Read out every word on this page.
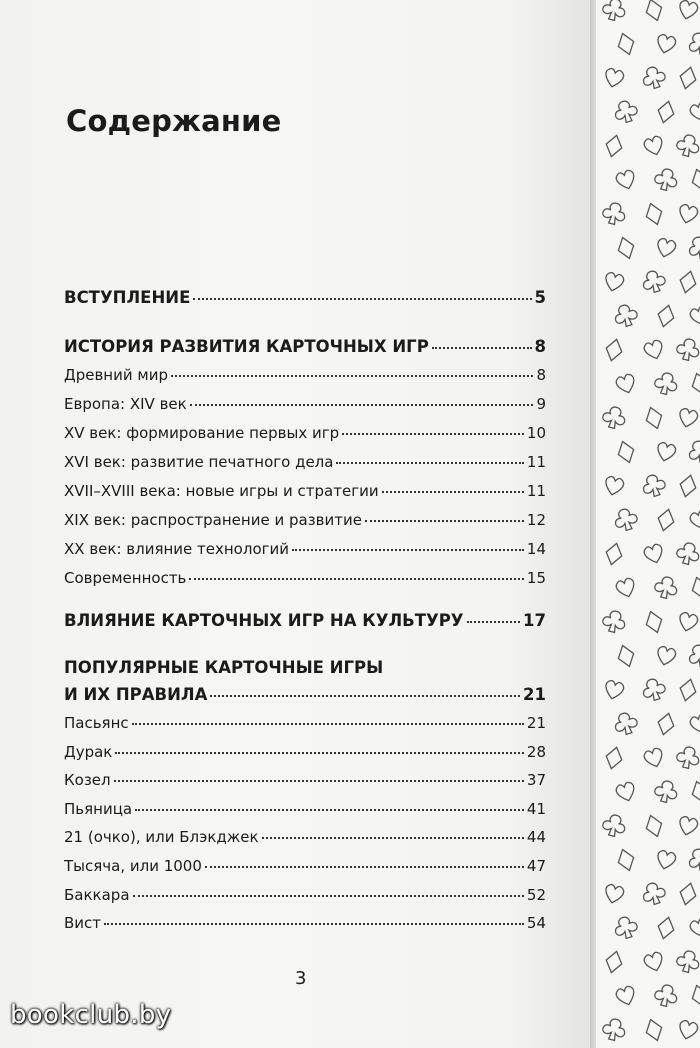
Содержание
ВСТУПЛЕНИЕ	5
ИСТОРИЯ РАЗВИТИЯ КАРТОЧНЫХ ИГР	8
Древний мир	8
Европа: XIV век	9
XV век: формирование первых игр	10
XVI век: развитие печатного дела	11
XVII–XVIII века: новые игры и стратегии	11
XIX век: распространение и развитие	12
XX век: влияние технологий	14
Современность	15
ВЛИЯНИЕ КАРТОЧНЫХ ИГР НА КУЛЬТУРУ	17
ПОПУЛЯРНЫЕ КАРТОЧНЫЕ ИГРЫ
И ИХ ПРАВИЛА	21
Пасьянс	21
Дурак	28
Козел	37
Пьяница	41
21 (очко), или Блэкджек	44
Тысяча, или 1000	47
Баккара	52
Вист	54
3
bookclub.by
